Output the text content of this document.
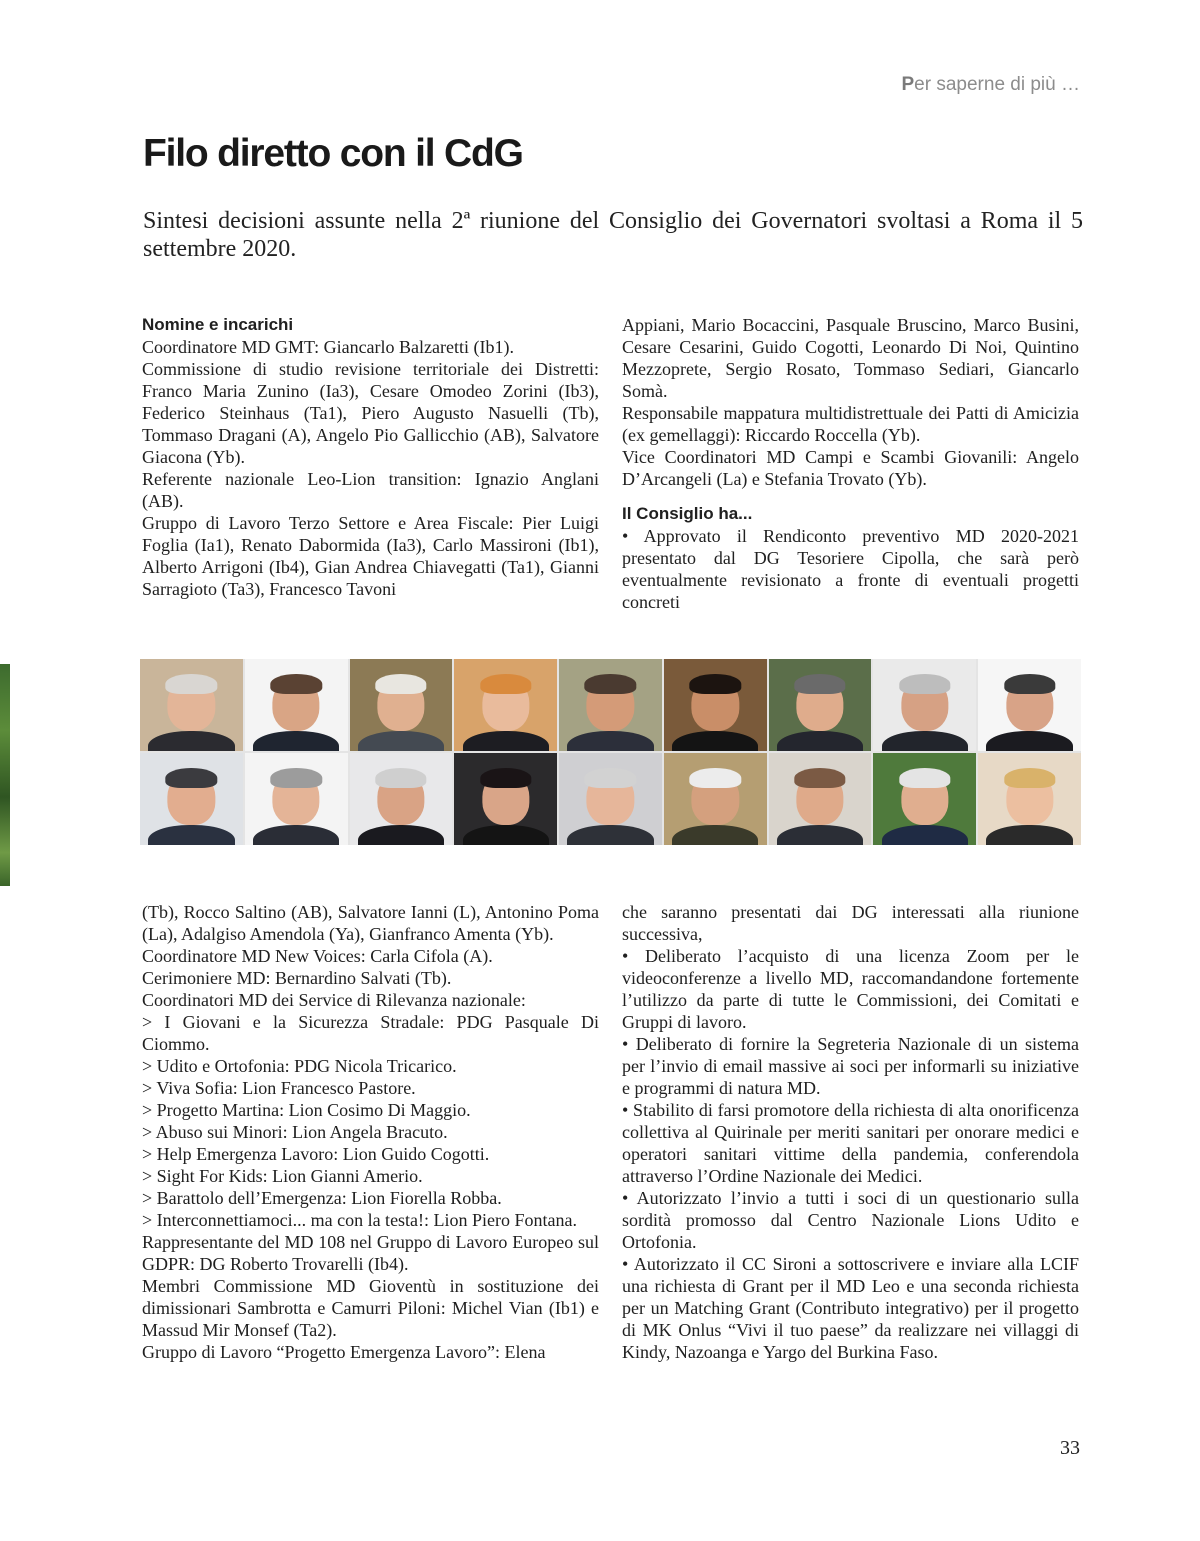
Per saperne di più …
Filo diretto con il CdG

Sintesi decisioni assunte nella 2ª riunione del Consiglio dei Governatori svoltasi a Roma il 5 settembre 2020.

Nomine e incarichi

Coordinatore MD GMT: Giancarlo Balzaretti (Ib1).

Commissione di studio revisione territoriale dei Distretti: Franco Maria Zunino (Ia3), Cesare Omodeo Zorini (Ib3), Federico Steinhaus (Ta1), Piero Augusto Nasuelli (Tb), Tommaso Dragani (A), Angelo Pio Gallicchio (AB), Salvatore Giacona (Yb).

Referente nazionale Leo-Lion transition: Ignazio Anglani (AB).

Gruppo di Lavoro Terzo Settore e Area Fiscale: Pier Luigi Foglia (Ia1), Renato Dabormida (Ia3), Carlo Massironi (Ib1), Alberto Arrigoni (Ib4), Gian Andrea Chiavegatti (Ta1), Gianni Sarragioto (Ta3), Francesco Tavoni

Appiani, Mario Bocaccini, Pasquale Bruscino, Marco Busini, Cesare Cesarini, Guido Cogotti, Leonardo Di Noi, Quintino Mezzoprete, Sergio Rosato, Tommaso Sediari, Giancarlo Somà.

Responsabile mappatura multidistrettuale dei Patti di Amicizia (ex gemellaggi): Riccardo Roccella (Yb).

Vice Coordinatori MD Campi e Scambi Giovanili: Angelo D’Arcangeli (La) e Stefania Trovato (Yb).

Il Consiglio ha...

• Approvato il Rendiconto preventivo MD 2020-2021 presentato dal DG Tesoriere Cipolla, che sarà però eventualmente revisionato a fronte di eventuali progetti concreti

(Tb), Rocco Saltino (AB), Salvatore Ianni (L), Antonino Poma (La), Adalgiso Amendola (Ya), Gianfranco Amenta (Yb).

Coordinatore MD New Voices: Carla Cifola (A).

Cerimoniere MD: Bernardino Salvati (Tb).

Coordinatori MD dei Service di Rilevanza nazionale:

> I Giovani e la Sicurezza Stradale: PDG Pasquale Di Ciommo.

> Udito e Ortofonia: PDG Nicola Tricarico.

> Viva Sofia: Lion Francesco Pastore.

> Progetto Martina: Lion Cosimo Di Maggio.

> Abuso sui Minori: Lion Angela Bracuto.

> Help Emergenza Lavoro: Lion Guido Cogotti.

> Sight For Kids: Lion Gianni Amerio.

> Barattolo dell’Emergenza: Lion Fiorella Robba.

> Interconnettiamoci... ma con la testa!: Lion Piero Fontana.

Rappresentante del MD 108 nel Gruppo di Lavoro Europeo sul GDPR: DG Roberto Trovarelli (Ib4).

Membri Commissione MD Gioventù in sostituzione dei dimissionari Sambrotta e Camurri Piloni: Michel Vian (Ib1) e Massud Mir Monsef (Ta2).

Gruppo di Lavoro “Progetto Emergenza Lavoro”: Elena

che saranno presentati dai DG interessati alla riunione successiva,

• Deliberato l’acquisto di una licenza Zoom per le videoconferenze a livello MD, raccomandandone fortemente l’utilizzo da parte di tutte le Commissioni, dei Comitati e Gruppi di lavoro.

• Deliberato di fornire la Segreteria Nazionale di un sistema per l’invio di email massive ai soci per informarli su iniziative e programmi di natura MD.

• Stabilito di farsi promotore della richiesta di alta onorificenza collettiva al Quirinale per meriti sanitari per onorare medici e operatori sanitari vittime della pandemia, conferendola attraverso l’Ordine Nazionale dei Medici.

• Autorizzato l’invio a tutti i soci di un questionario sulla sordità promosso dal Centro Nazionale Lions Udito e Ortofonia.

• Autorizzato il CC Sironi a sottoscrivere e inviare alla LCIF una richiesta di Grant per il MD Leo e una seconda richiesta per un Matching Grant (Contributo integrativo) per il progetto di MK Onlus “Vivi il tuo paese” da realizzare nei villaggi di Kindy, Nazoanga e Yargo del Burkina Faso.

33
